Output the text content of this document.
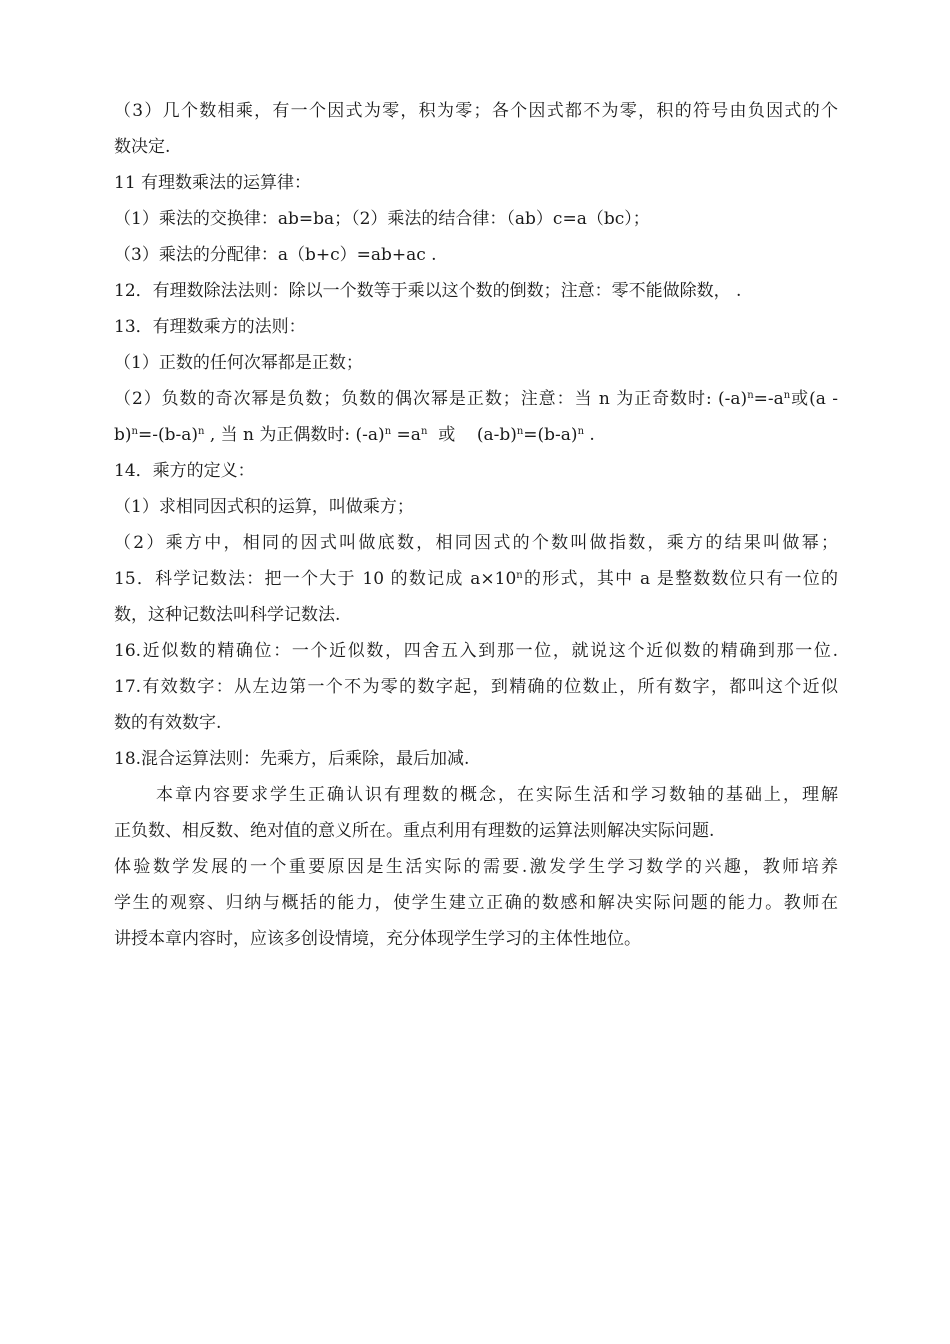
（3）几个数相乘，有一个因式为零，积为零；各个因式都不为零，积的符号由负因式的个
数决定.
11 有理数乘法的运算律：
（1）乘法的交换律：ab=ba；（2）乘法的结合律：（ab）c=a（bc）；
（3）乘法的分配律：a（b+c）=ab+ac .
12．有理数除法法则：除以一个数等于乘以这个数的倒数；注意：零不能做除数， .
13．有理数乘方的法则：
（1）正数的任何次幂都是正数；
（2）负数的奇次幂是负数；负数的偶次幂是正数；注意：当 n 为正奇数时: $(-a)^n=-a^n$或(a -
$b)^n=-(b-a)^n$ , 当 n 为正偶数时: $(-a)^n =a^n$  或    $(a-b)^n=(b-a)^n$ .
14．乘方的定义：
（1）求相同因式积的运算，叫做乘方；
（2）乘方中，相同的因式叫做底数，相同因式的个数叫做指数，乘方的结果叫做幂；
15．科学记数法：把一个大于 10 的数记成 $a\times 10^n$的形式，其中 a 是整数数位只有一位的
数，这种记数法叫科学记数法.
16.近似数的精确位：一个近似数，四舍五入到那一位，就说这个近似数的精确到那一位.
17.有效数字：从左边第一个不为零的数字起，到精确的位数止，所有数字，都叫这个近似
数的有效数字.
18.混合运算法则：先乘方，后乘除，最后加减.
本章内容要求学生正确认识有理数的概念，在实际生活和学习数轴的基础上，理解
正负数、相反数、绝对值的意义所在。重点利用有理数的运算法则解决实际问题.
体验数学发展的一个重要原因是生活实际的需要.激发学生学习数学的兴趣，教师培养
学生的观察、归纳与概括的能力，使学生建立正确的数感和解决实际问题的能力。教师在
讲授本章内容时，应该多创设情境，充分体现学生学习的主体性地位。
